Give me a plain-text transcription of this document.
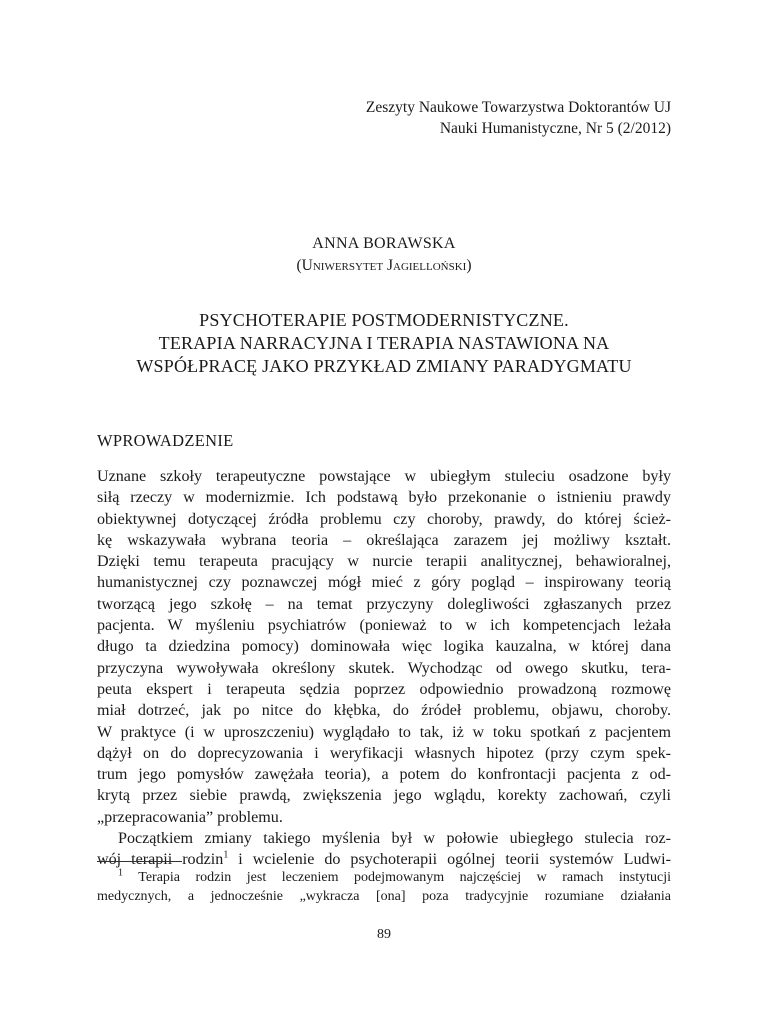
Zeszyty Naukowe Towarzystwa Doktorantów UJ
Nauki Humanistyczne, Nr 5 (2/2012)
ANNA BORAWSKA
(Uniwersytet Jagielloński)
PSYCHOTERAPIE POSTMODERNISTYCZNE.
TERAPIA NARRACYJNA I TERAPIA NASTAWIONA NA
WSPÓŁPRACĘ JAKO PRZYKŁAD ZMIANY PARADYGMATU
WPROWADZENIE
Uznane szkoły terapeutyczne powstające w ubiegłym stuleciu osadzone były
siłą rzeczy w modernizmie. Ich podstawą było przekonanie o istnieniu prawdy
obiektywnej dotyczącej źródła problemu czy choroby, prawdy, do której ścież-
kę wskazywała wybrana teoria – określająca zarazem jej możliwy kształt.
Dzięki temu terapeuta pracujący w nurcie terapii analitycznej, behawioralnej,
humanistycznej czy poznawczej mógł mieć z góry pogląd – inspirowany teorią
tworzącą jego szkołę – na temat przyczyny dolegliwości zgłaszanych przez
pacjenta. W myśleniu psychiatrów (ponieważ to w ich kompetencjach leżała
długo ta dziedzina pomocy) dominowała więc logika kauzalna, w której dana
przyczyna wywoływała określony skutek. Wychodząc od owego skutku, tera-
peuta ekspert i terapeuta sędzia poprzez odpowiednio prowadzoną rozmowę
miał dotrzeć, jak po nitce do kłębka, do źródeł problemu, objawu, choroby.
W praktyce (i w uproszczeniu) wyglądało to tak, iż w toku spotkań z pacjentem
dążył on do doprecyzowania i weryfikacji własnych hipotez (przy czym spek-
trum jego pomysłów zawężała teoria), a potem do konfrontacji pacjenta z od-
krytą przez siebie prawdą, zwiększenia jego wglądu, korekty zachowań, czyli
„przepracowania” problemu.
Początkiem zmiany takiego myślenia był w połowie ubiegłego stulecia roz-
wój terapii rodzin$^1$ i wcielenie do psychoterapii ogólnej teorii systemów Ludwi-
$^1$ Terapia rodzin jest leczeniem podejmowanym najczęściej w ramach instytucji
medycznych, a jednocześnie „wykracza [ona] poza tradycyjnie rozumiane działania
89
